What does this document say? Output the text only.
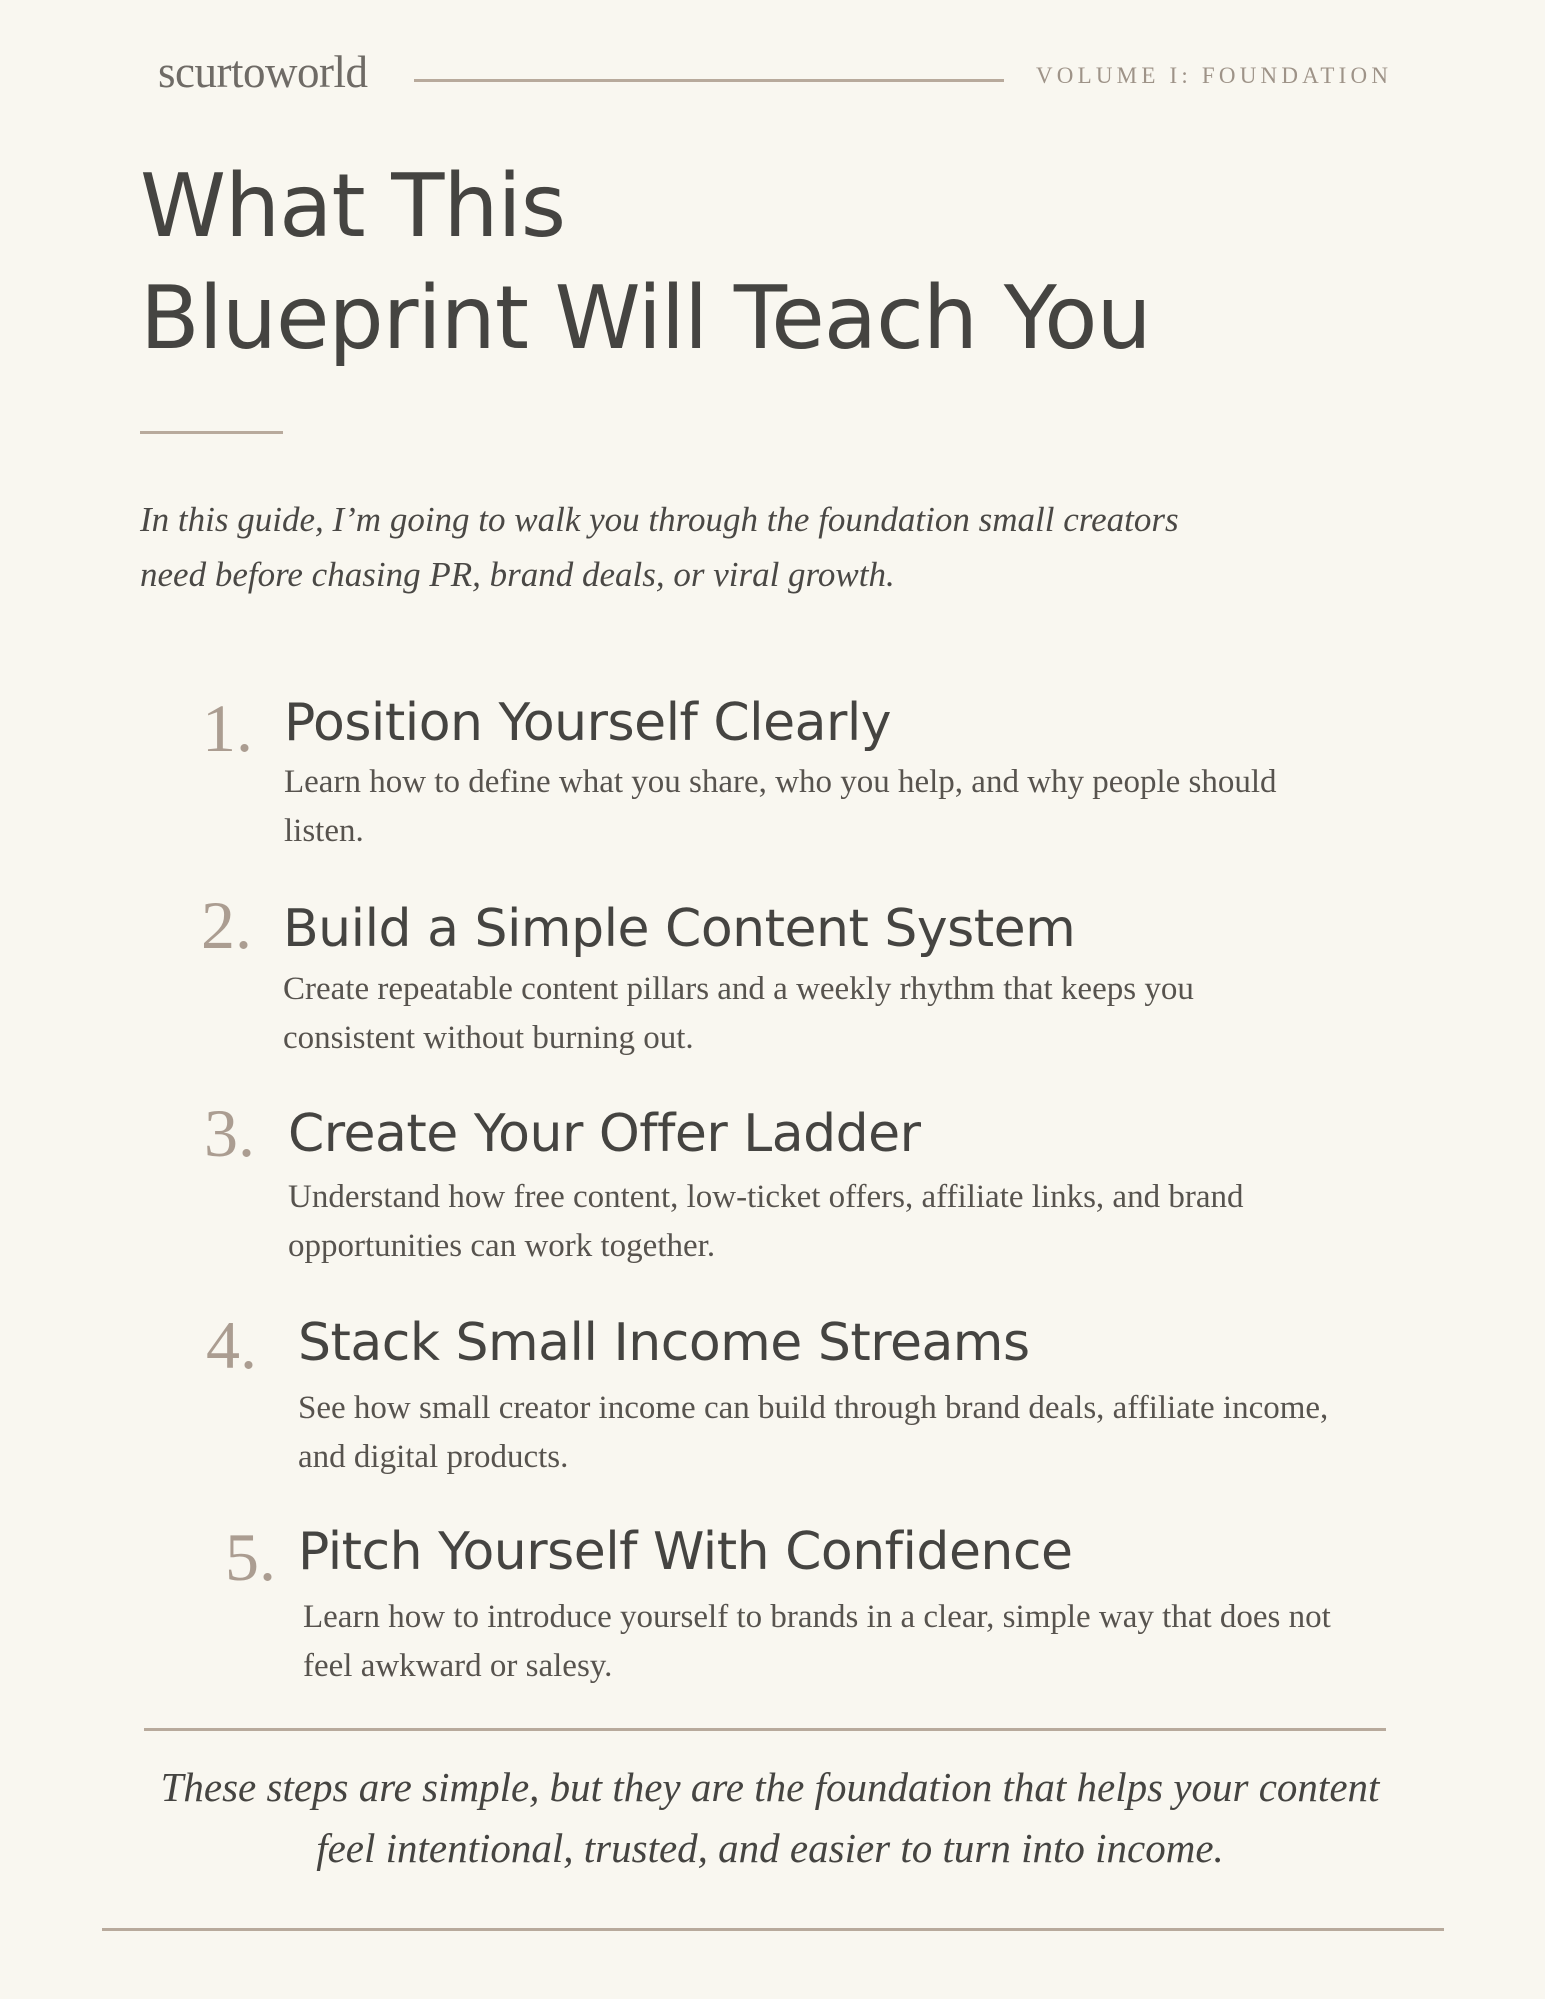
scurtoworld	VOLUME I: FOUNDATION
What This
Blueprint Will Teach You

In this guide, I’m going to walk you through the foundation small creators need before chasing PR, brand deals, or viral growth.

1. Position Yourself Clearly

Learn how to define what you share, who you help, and why people should listen.

2. Build a Simple Content System

Create repeatable content pillars and a weekly rhythm that keeps you consistent without burning out.

3. Create Your Offer Ladder

Understand how free content, low-ticket offers, affiliate links, and brand opportunities can work together.

4. Stack Small Income Streams

See how small creator income can build through brand deals, affiliate income, and digital products.

5. Pitch Yourself With Confidence

Learn how to introduce yourself to brands in a clear, simple way that does not feel awkward or salesy.

These steps are simple, but they are the foundation that helps your content feel intentional, trusted, and easier to turn into income.
